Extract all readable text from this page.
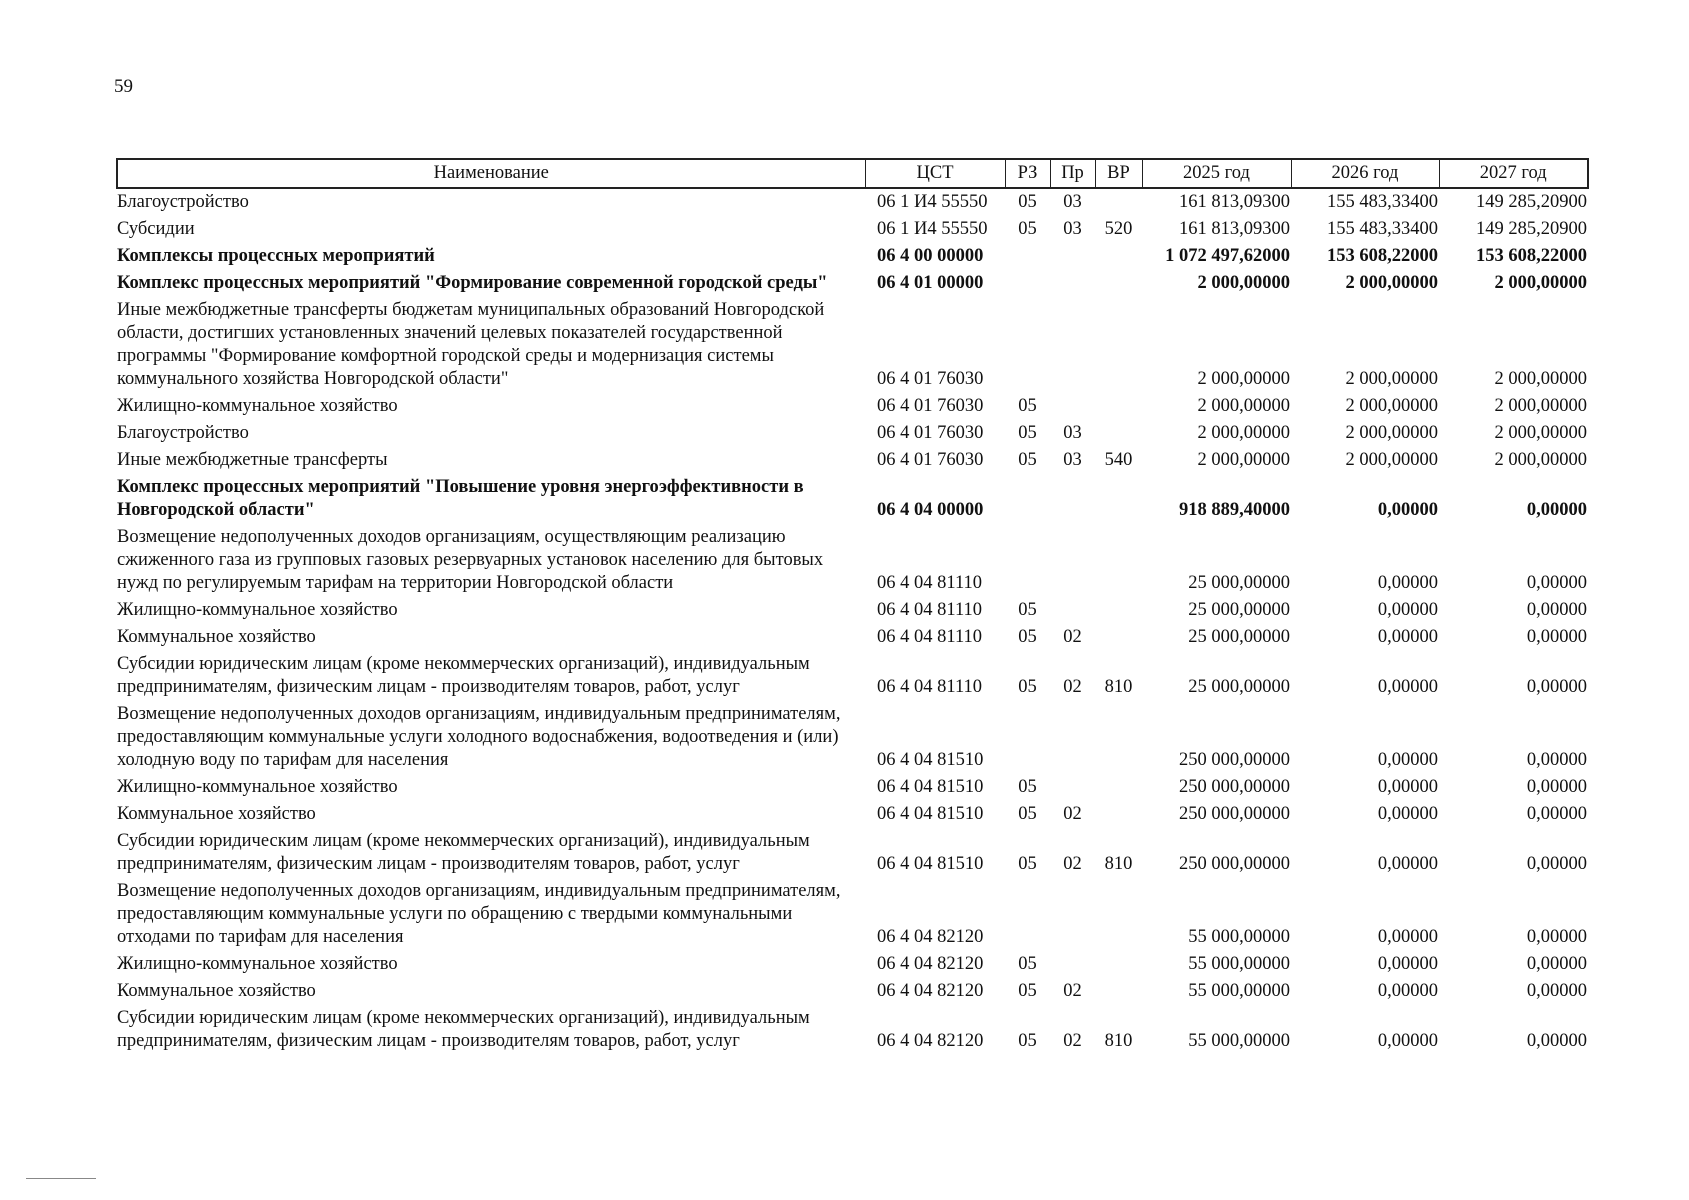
59
Наименование	ЦСТ	РЗ	Пр	ВР	2025 год	2026 год	2027 год
Благоустройство	06 1 И4 55550	05	03		161 813,09300	155 483,33400	149 285,20900
Субсидии	06 1 И4 55550	05	03	520	161 813,09300	155 483,33400	149 285,20900
Комплексы процессных мероприятий	06 4 00 00000				1 072 497,62000	153 608,22000	153 608,22000
Комплекс процессных мероприятий "Формирование современной городской среды"	06 4 01 00000				2 000,00000	2 000,00000	2 000,00000
Иные межбюджетные трансферты бюджетам муниципальных образований Новгородской области, достигших установленных значений целевых показателей государственной программы "Формирование комфортной городской среды и модернизация системы коммунального хозяйства Новгородской области"	06 4 01 76030				2 000,00000	2 000,00000	2 000,00000
Жилищно-коммунальное хозяйство	06 4 01 76030	05			2 000,00000	2 000,00000	2 000,00000
Благоустройство	06 4 01 76030	05	03		2 000,00000	2 000,00000	2 000,00000
Иные межбюджетные трансферты	06 4 01 76030	05	03	540	2 000,00000	2 000,00000	2 000,00000
Комплекс процессных мероприятий "Повышение уровня энергоэффективности в Новгородской области"	06 4 04 00000				918 889,40000	0,00000	0,00000
Возмещение недополученных доходов организациям, осуществляющим реализацию сжиженного газа из групповых газовых резервуарных установок населению для бытовых нужд по регулируемым тарифам на территории Новгородской области	06 4 04 81110				25 000,00000	0,00000	0,00000
Жилищно-коммунальное хозяйство	06 4 04 81110	05			25 000,00000	0,00000	0,00000
Коммунальное хозяйство	06 4 04 81110	05	02		25 000,00000	0,00000	0,00000
Субсидии юридическим лицам (кроме некоммерческих организаций), индивидуальным предпринимателям, физическим лицам - производителям товаров, работ, услуг	06 4 04 81110	05	02	810	25 000,00000	0,00000	0,00000
Возмещение недополученных доходов организациям, индивидуальным предпринимателям, предоставляющим коммунальные услуги холодного водоснабжения, водоотведения и (или) холодную воду по тарифам для населения	06 4 04 81510				250 000,00000	0,00000	0,00000
Жилищно-коммунальное хозяйство	06 4 04 81510	05			250 000,00000	0,00000	0,00000
Коммунальное хозяйство	06 4 04 81510	05	02		250 000,00000	0,00000	0,00000
Субсидии юридическим лицам (кроме некоммерческих организаций), индивидуальным предпринимателям, физическим лицам - производителям товаров, работ, услуг	06 4 04 81510	05	02	810	250 000,00000	0,00000	0,00000
Возмещение недополученных доходов организациям, индивидуальным предпринимателям, предоставляющим коммунальные услуги по обращению с твердыми коммунальными отходами по тарифам для населения	06 4 04 82120				55 000,00000	0,00000	0,00000
Жилищно-коммунальное хозяйство	06 4 04 82120	05			55 000,00000	0,00000	0,00000
Коммунальное хозяйство	06 4 04 82120	05	02		55 000,00000	0,00000	0,00000
Субсидии юридическим лицам (кроме некоммерческих организаций), индивидуальным предпринимателям, физическим лицам - производителям товаров, работ, услуг	06 4 04 82120	05	02	810	55 000,00000	0,00000	0,00000
